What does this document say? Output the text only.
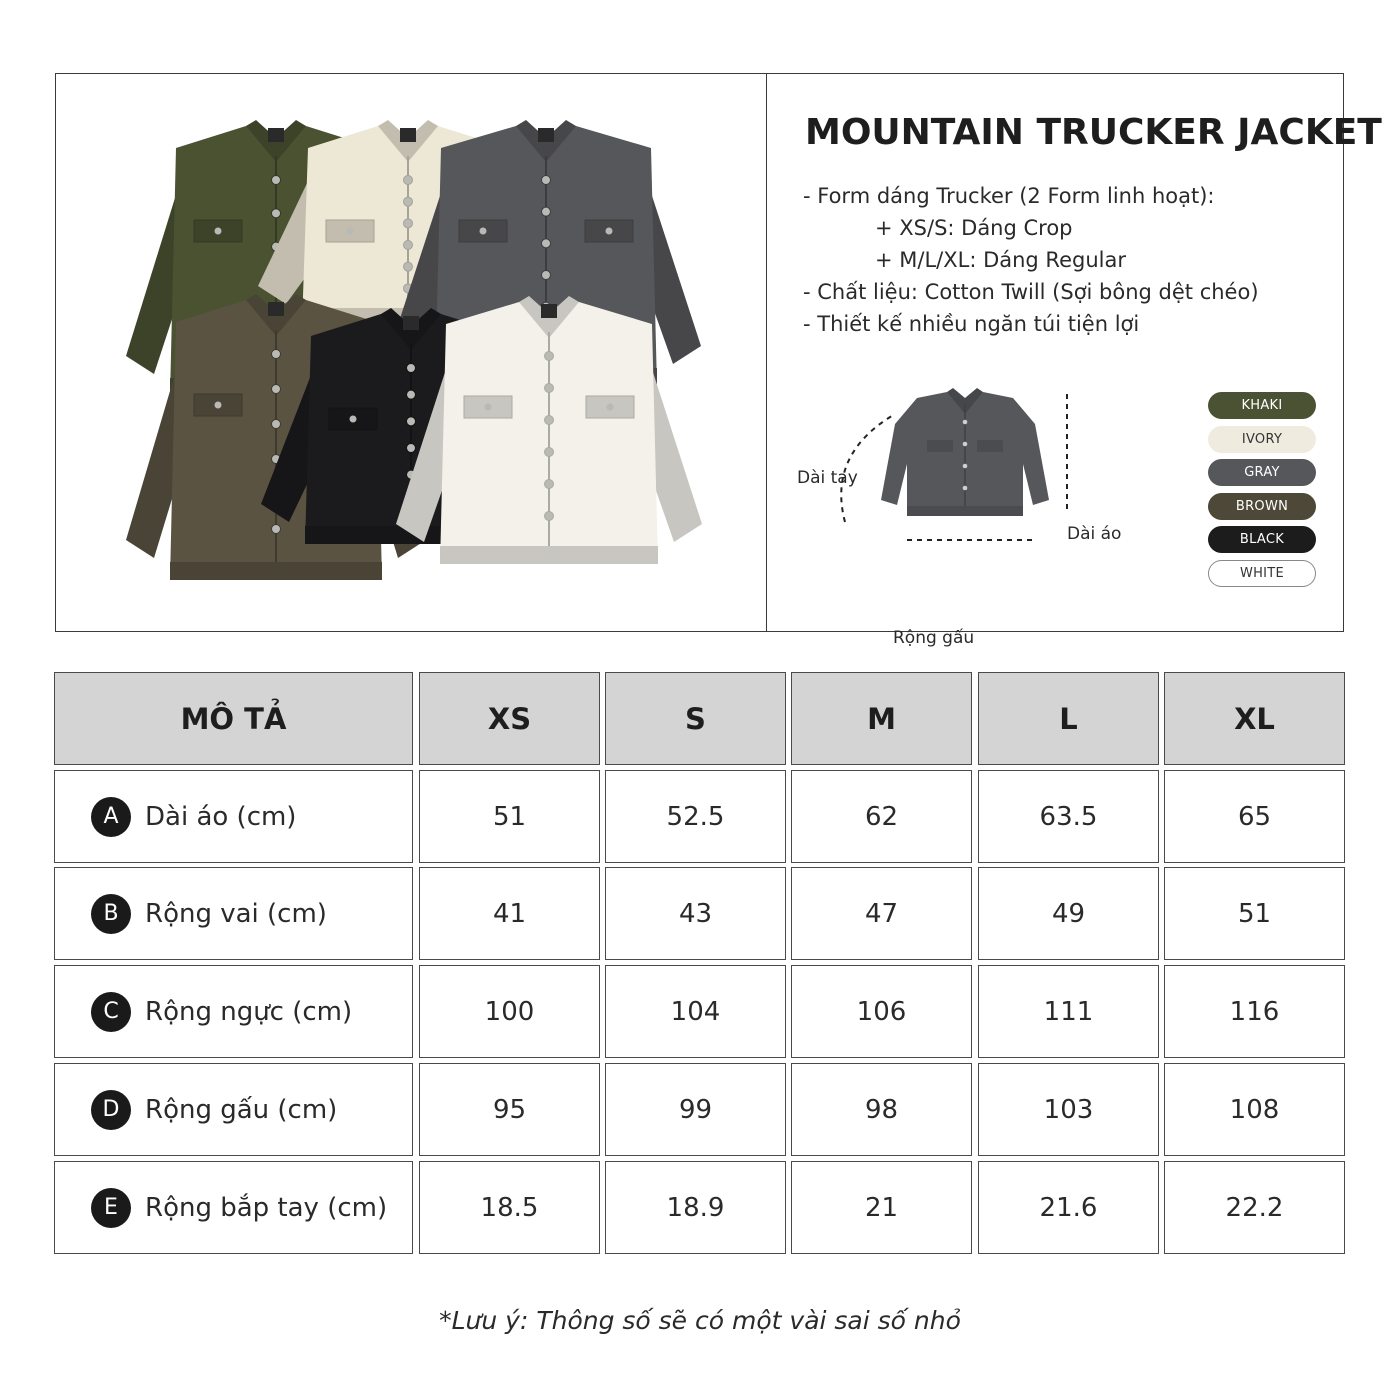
MOUNTAIN TRUCKER JACKET
- Form dáng Trucker (2 Form linh hoạt):
+ XS/S: Dáng Crop
+ M/L/XL: Dáng Regular
- Chất liệu: Cotton Twill (Sợi bông dệt chéo)
- Thiết kế nhiều ngăn túi tiện lợi
Dài tay
Dài áo
Rộng gấu
KHAKI
IVORY
GRAY
BROWN
BLACK
WHITE
MÔ TẢ	XS	S	M	L	XL
A	Dài áo (cm)	51	52.5	62	63.5	65
B	Rộng vai (cm)	41	43	47	49	51
C	Rộng ngực (cm)	100	104	106	111	116
D Rộng gấu (cm)	95	99	98	103	108
E	Rộng bắp tay (cm)	18.5	18.9	21	21.6	22.2
*Lưu ý: Thông số sẽ có một vài sai số nhỏ
